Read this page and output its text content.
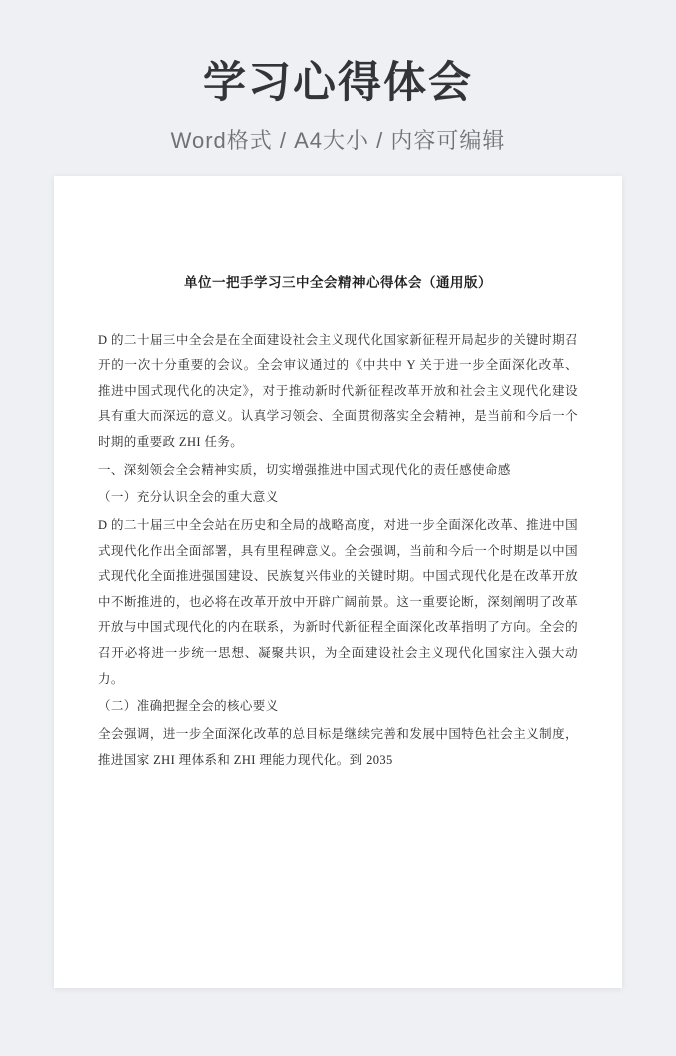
学习心得体会
Word格式 / A4大小 / 内容可编辑
单位一把手学习三中全会精神心得体会（通用版）

D 的二十届三中全会是在全面建设社会主义现代化国家新征程开局起步的关键时期召开的一次十分重要的会议。全会审议通过的《中共中 Y 关于进一步全面深化改革、推进中国式现代化的决定》，对于推动新时代新征程改革开放和社会主义现代化建设具有重大而深远的意义。认真学习领会、全面贯彻落实全会精神，是当前和今后一个时期的重要政 ZHI 任务。

一、深刻领会全会精神实质，切实增强推进中国式现代化的责任感使命感

（一）充分认识全会的重大意义

D 的二十届三中全会站在历史和全局的战略高度，对进一步全面深化改革、推进中国式现代化作出全面部署，具有里程碑意义。全会强调，当前和今后一个时期是以中国式现代化全面推进强国建设、民族复兴伟业的关键时期。中国式现代化是在改革开放中不断推进的，也必将在改革开放中开辟广阔前景。这一重要论断，深刻阐明了改革开放与中国式现代化的内在联系，为新时代新征程全面深化改革指明了方向。全会的召开必将进一步统一思想、凝聚共识，为全面建设社会主义现代化国家注入强大动力。

（二）准确把握全会的核心要义

全会强调，进一步全面深化改革的总目标是继续完善和发展中国特色社会主义制度，推进国家 ZHI 理体系和 ZHI 理能力现代化。到 2035
